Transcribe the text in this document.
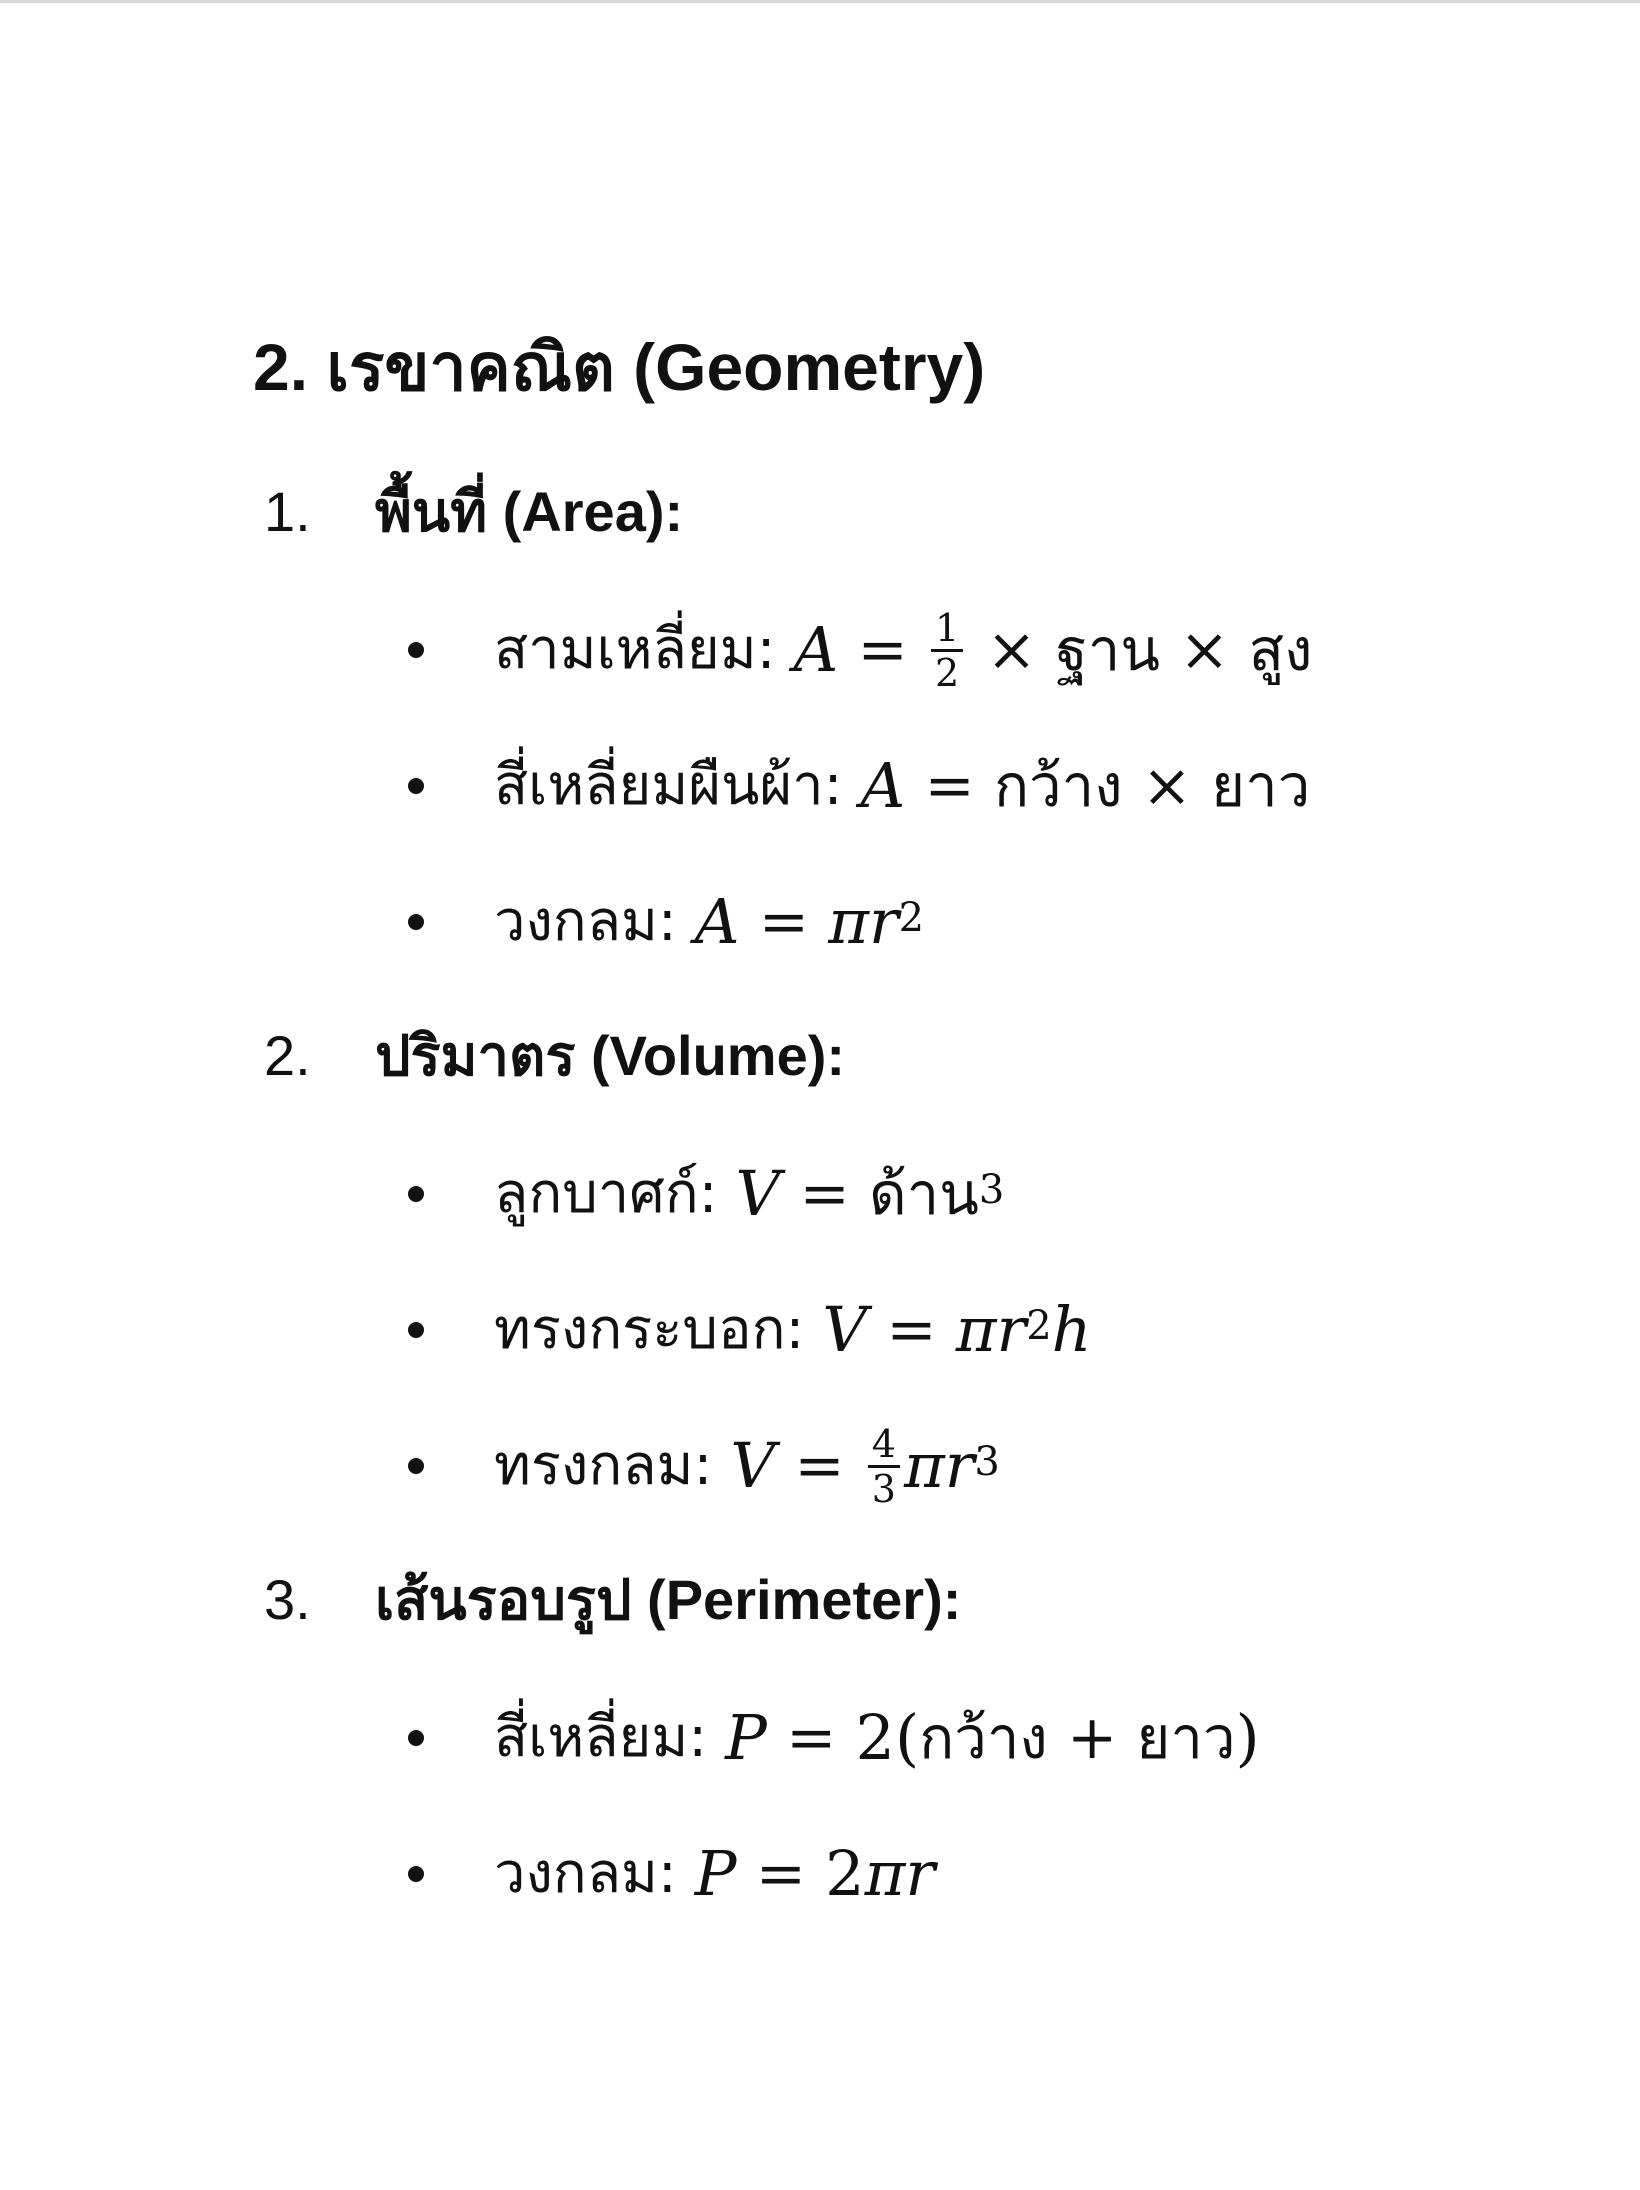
2. เรขาคณิต (Geometry)
1. พื้นที่ (Area):
สามเหลี่ยม: $A = \frac{1}{2}$ × ฐาน × สูง
สี่เหลี่ยมผืนผ้า: A = กว้าง × ยาว
วงกลม: $A = \pi r^2$
2. ปริมาตร (Volume):
ลูกบาศก์: V = ด้าน$^3$
ทรงกระบอก: $V = \pi r^2$ h
ทรงกลม: $V = \frac{4}{3} \pi r^3$
3. เส้นรอบรูป (Perimeter):
สี่เหลี่ยม: P = 2( กว้าง + ยาว )
วงกลม: P = 2 πr
